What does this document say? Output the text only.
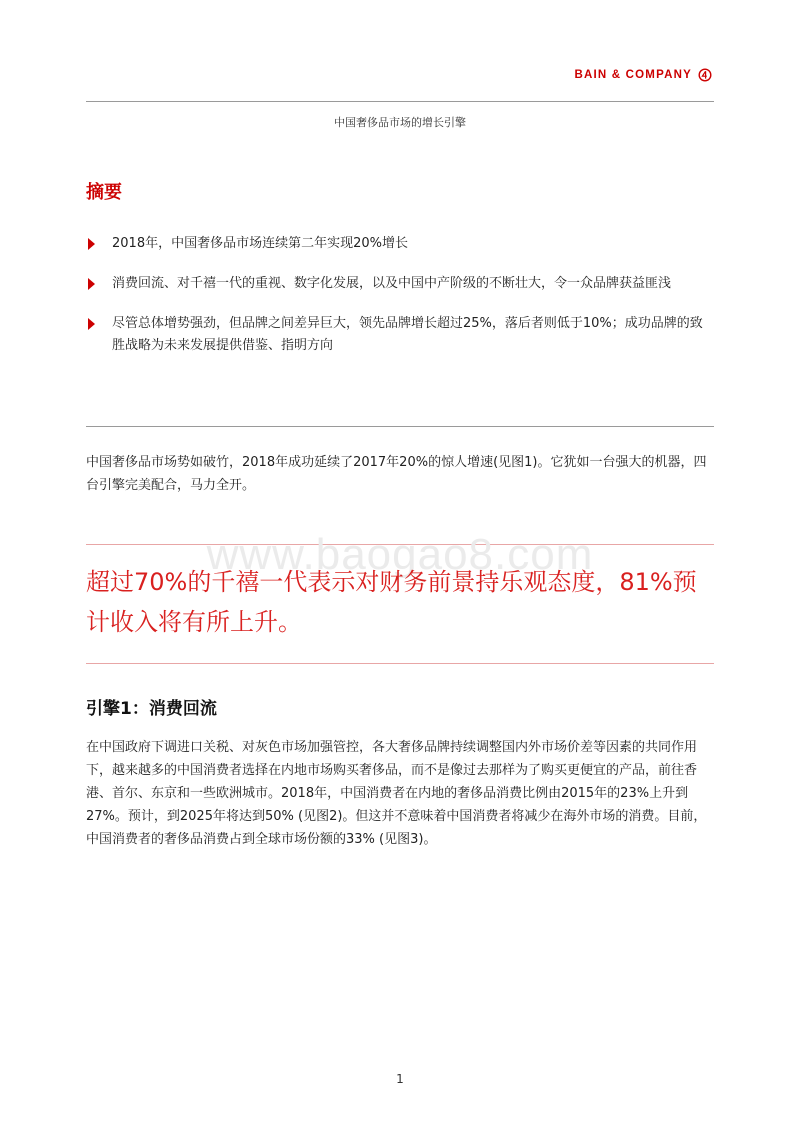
BAIN & COMPANY
中国奢侈品市场的增长引擎
摘要
2018年，中国奢侈品市场连续第二年实现20%增长
消费回流、对千禧一代的重视、数字化发展，以及中国中产阶级的不断壮大，令一众品牌获益匪浅
尽管总体增势强劲，但品牌之间差异巨大，领先品牌增长超过25%，落后者则低于10%；成功品牌的致胜战略为未来发展提供借鉴、指明方向

中国奢侈品市场势如破竹，2018年成功延续了2017年20%的惊人增速(见图1)。它犹如一台强大的机器，四台引擎完美配合，马力全开。

www.baogao8.com

超过70%的千禧一代表示对财务前景持乐观态度，81%预计收入将有所上升。

引擎1：消费回流

在中国政府下调进口关税、对灰色市场加强管控，各大奢侈品牌持续调整国内外市场价差等因素的共同作用下，越来越多的中国消费者选择在内地市场购买奢侈品，而不是像过去那样为了购买更便宜的产品，前往香港、首尔、东京和一些欧洲城市。2018年，中国消费者在内地的奢侈品消费比例由2015年的23%上升到27%。预计，到2025年将达到50% (见图2)。但这并不意味着中国消费者将减少在海外市场的消费。目前，中国消费者的奢侈品消费占到全球市场份额的33% (见图3)。

1
